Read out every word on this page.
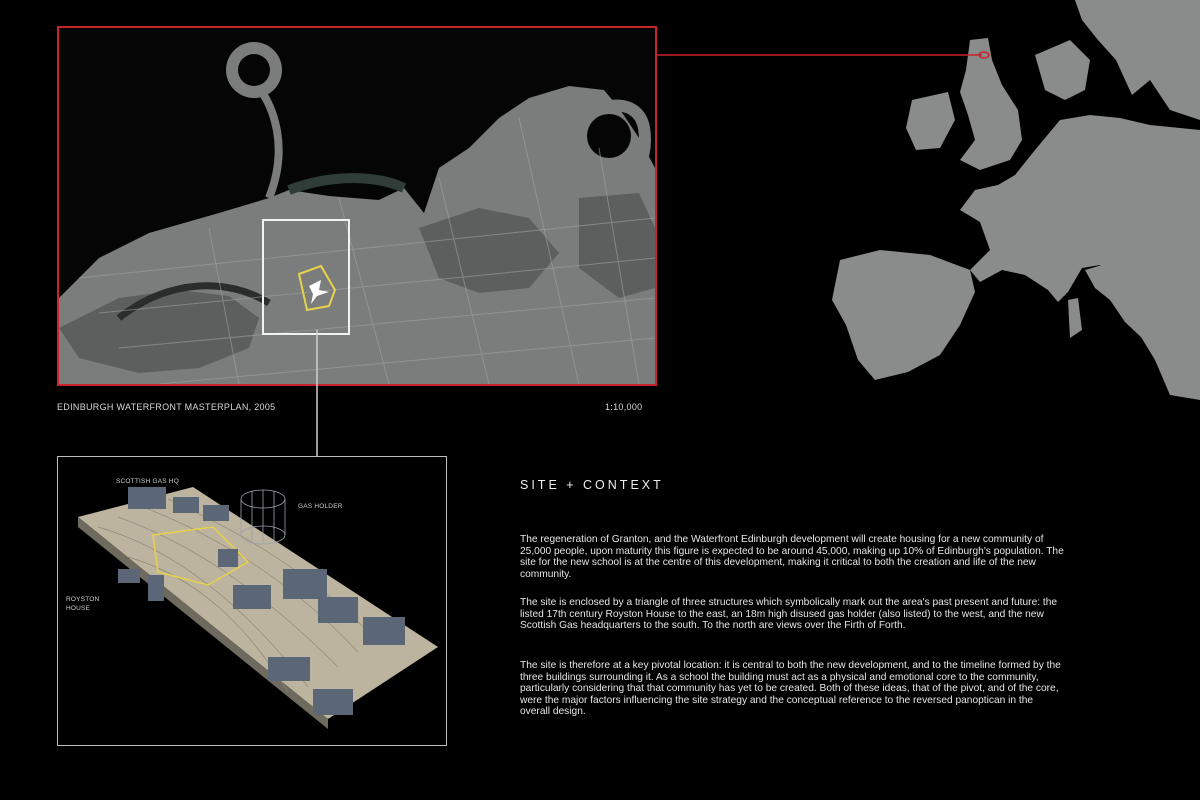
EDINBURGH WATERFRONT MASTERPLAN, 2005	1:10,000
SCOTTISH GAS HQ
GAS HOLDER
ROYSTON
HOUSE
SITE + CONTEXT

The regeneration of Granton, and the Waterfront Edinburgh development will create housing for a new community of 25,000 people, upon maturity this figure is expected to be around 45,000, making up 10% of Edinburgh's population. The site for the new school is at the centre of this development, making it critical to both the creation and life of the new community.

The site is enclosed by a triangle of three structures which symbolically mark out the area's past present and future: the listed 17th century Royston House to the east, an 18m high disused gas holder (also listed) to the west, and the new Scottish Gas headquarters to the south. To the north are views over the Firth of Forth.

The site is therefore at a key pivotal location: it is central to both the new development, and to the timeline formed by the three buildings surrounding it. As a school the building must act as a physical and emotional core to the community, particularly considering that that community has yet to be created. Both of these ideas, that of the pivot, and of the core, were the major factors influencing the site strategy and the conceptual reference to the reversed panoptican in the overall design.
